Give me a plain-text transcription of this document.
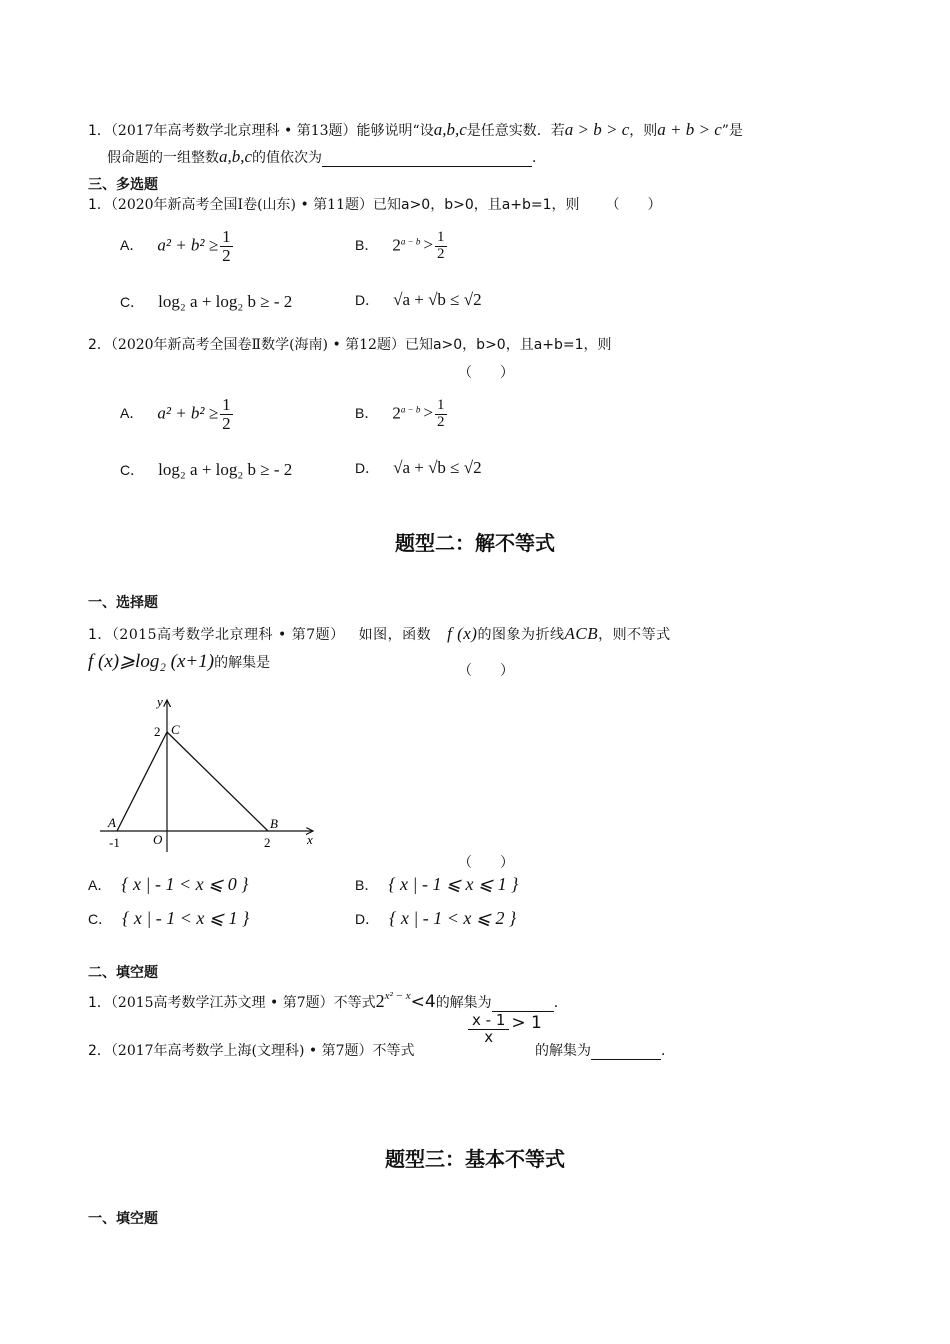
1．（2017年高考数学北京理科 • 第13题）能够说明“设a,b,c是任意实数．若a > b > c，则a + b > c”是
假命题的一组整数a,b,c的值依次为	．
三、多选题
1．（2020年新高考全国Ⅰ卷(山东) • 第11题）已知a>0，b>0，且a+b=1，则 （　　）
A． $a^2 + b^2 \ge \frac{1}{2}$	B． $2^{a - b} > \frac{1}{2}$
C． log₂ a + log₂ b ≥ - 2	D． √a + √b ≤ √2
2．（2020年新高考全国卷Ⅱ数学(海南) • 第12题）已知a>0，b>0，且a+b=1，则
（　　）
A． $a^2 + b^2 \ge \frac{1}{2}$	B． $2^{a - b} > \frac{1}{2}$
C． log₂ a + log₂ b ≥ - 2	D． √a + √b ≤ √2
题型二：解不等式
一、选择题
1．（2015高考数学北京理科 • 第7题） 如图，函数 f (x)的图象为折线ACB，则不等式
f (x)⩾log₂ (x+1)的解集是	（　　）
y
x
C
2
A	B
O
-1	2
（　　）
A． { x | - 1 < x ⩽ 0 }	B． { x | - 1 ⩽ x ⩽ 1 }
C． { x | - 1 < x ⩽ 1 }	D． { x | - 1 < x ⩽ 2 }
二、填空题
1．（2015高考数学江苏文理 • 第7题）不等式$2^{x^2 - x}<4$的解集为	．
2．（2017年高考数学上海(文理科) • 第7题）不等式
$\frac{x - 1}{x} > 1$
的解集为	．
题型三：基本不等式
一、填空题
